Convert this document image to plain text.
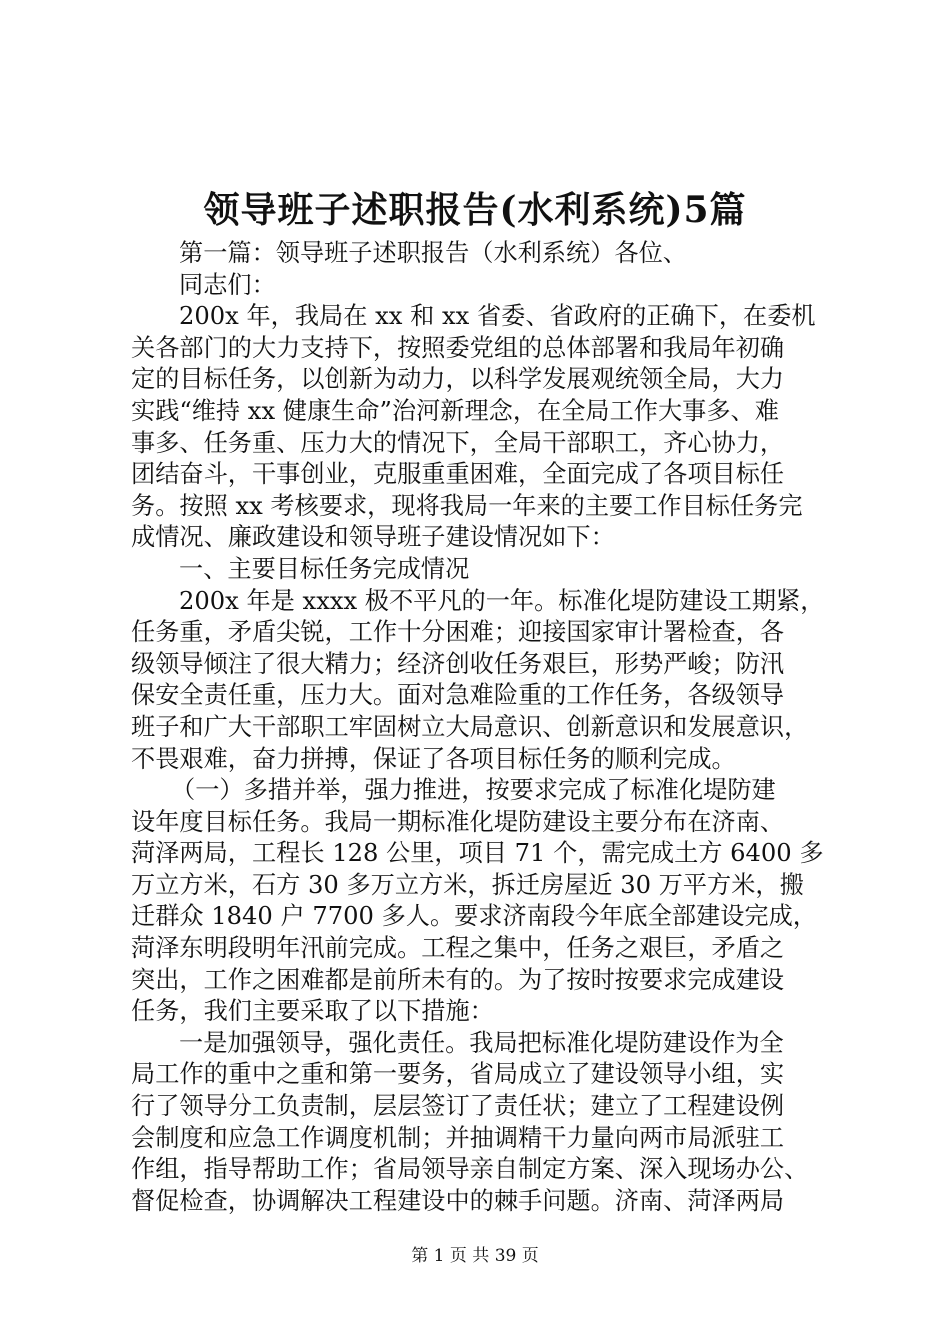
领导班子述职报告(水利系统)5篇
第一篇：领导班子述职报告（水利系统）各位、
同志们：
200x 年，我局在 xx 和 xx 省委、省政府的正确下，在委机
关各部门的大力支持下，按照委党组的总体部署和我局年初确
定的目标任务，以创新为动力，以科学发展观统领全局，大力
实践“维持 xx 健康生命”治河新理念，在全局工作大事多、难
事多、任务重、压力大的情况下，全局干部职工，齐心协力，
团结奋斗，干事创业，克服重重困难，全面完成了各项目标任
务。按照 xx 考核要求，现将我局一年来的主要工作目标任务完
成情况、廉政建设和领导班子建设情况如下：
一、主要目标任务完成情况
200x 年是 xxxx 极不平凡的一年。标准化堤防建设工期紧，
任务重，矛盾尖锐，工作十分困难；迎接国家审计署检查，各
级领导倾注了很大精力；经济创收任务艰巨，形势严峻；防汛
保安全责任重，压力大。面对急难险重的工作任务，各级领导
班子和广大干部职工牢固树立大局意识、创新意识和发展意识，
不畏艰难，奋力拼搏，保证了各项目标任务的顺利完成。
（一）多措并举，强力推进，按要求完成了标准化堤防建
设年度目标任务。我局一期标准化堤防建设主要分布在济南、
菏泽两局，工程长 128 公里，项目 71 个，需完成土方 6400 多
万立方米，石方 30 多万立方米，拆迁房屋近 30 万平方米，搬
迁群众 1840 户 7700 多人。要求济南段今年底全部建设完成，
菏泽东明段明年汛前完成。工程之集中，任务之艰巨，矛盾之
突出，工作之困难都是前所未有的。为了按时按要求完成建设
任务，我们主要采取了以下措施：
一是加强领导，强化责任。我局把标准化堤防建设作为全
局工作的重中之重和第一要务，省局成立了建设领导小组，实
行了领导分工负责制，层层签订了责任状；建立了工程建设例
会制度和应急工作调度机制；并抽调精干力量向两市局派驻工
作组，指导帮助工作；省局领导亲自制定方案、深入现场办公、
督促检查，协调解决工程建设中的棘手问题。济南、菏泽两局
第 1 页 共 39 页
